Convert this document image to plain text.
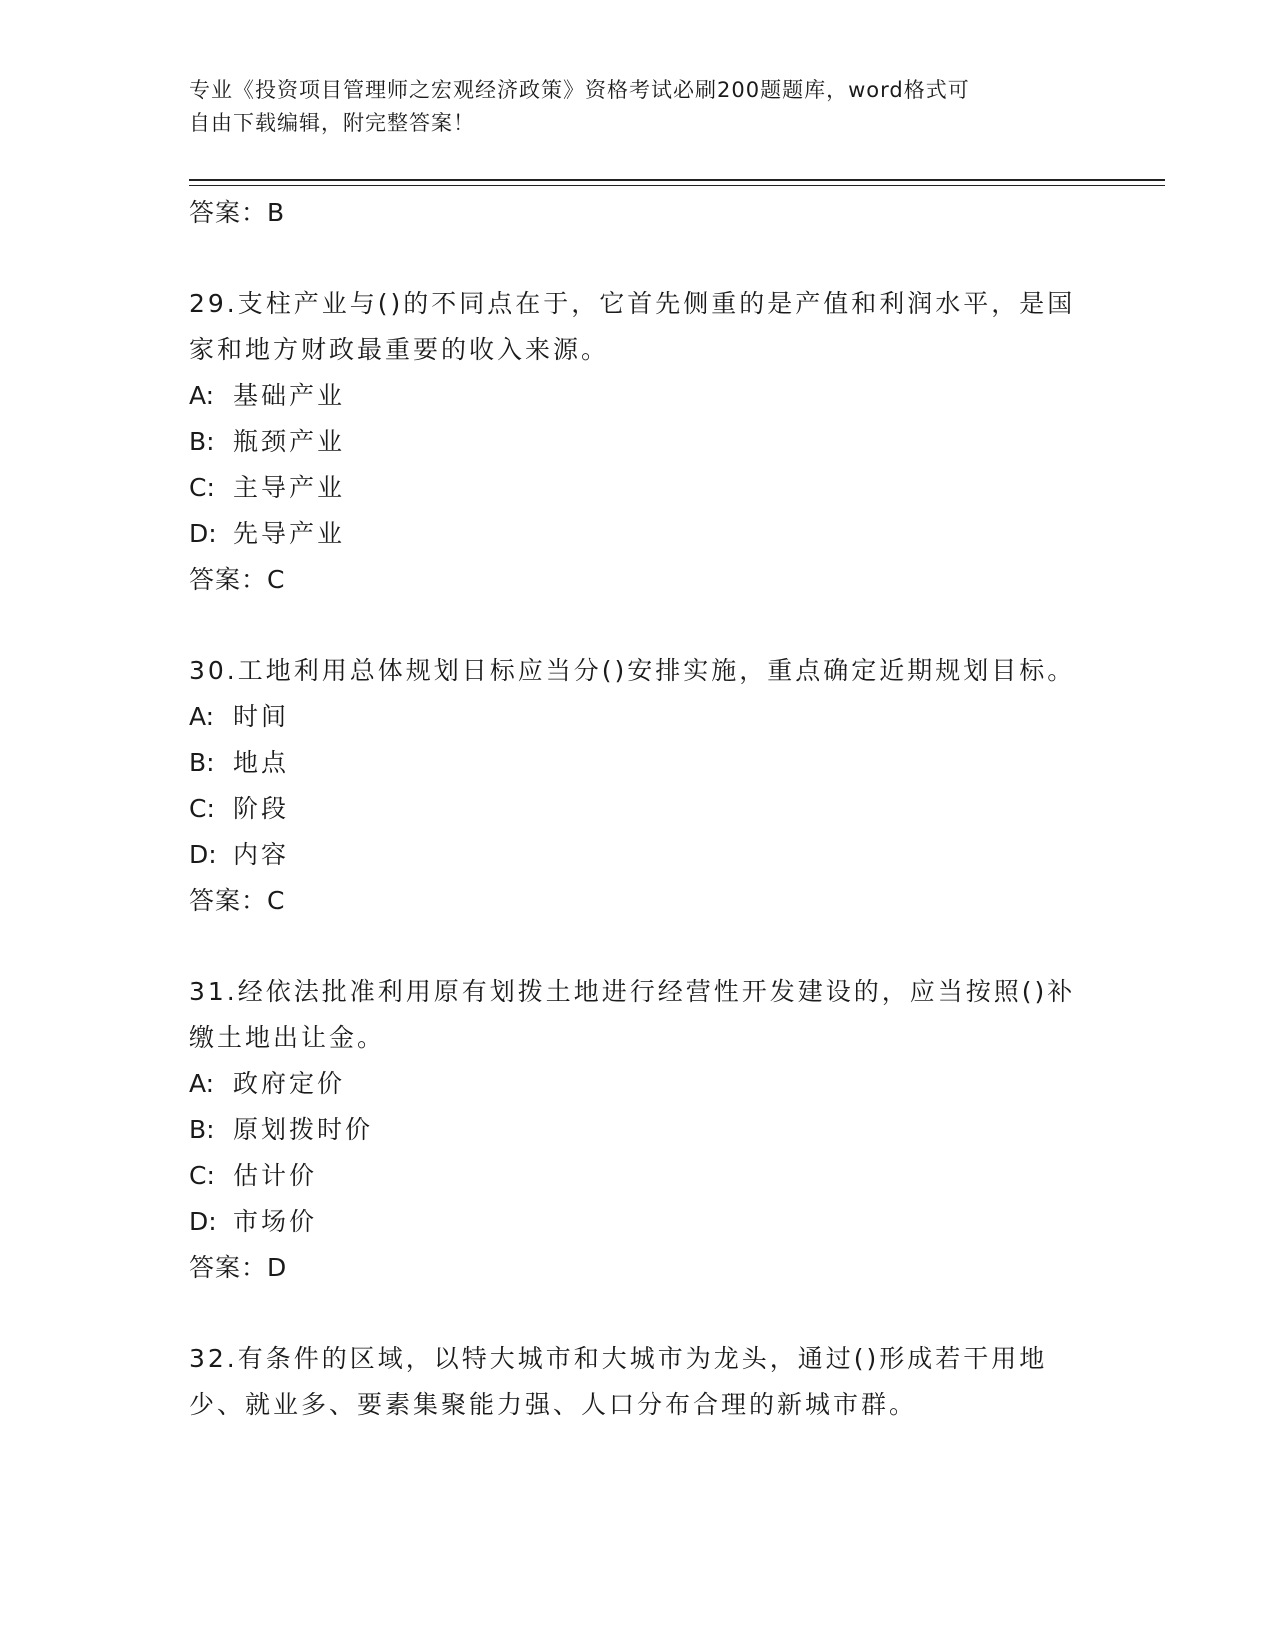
专业《投资项目管理师之宏观经济政策》资格考试必刷200题题库，word格式可
自由下载编辑，附完整答案！
答案：B
29.支柱产业与()的不同点在于，它首先侧重的是产值和利润水平，是国家和地方财政最重要的收入来源。
A: 基础产业
B: 瓶颈产业
C: 主导产业
D: 先导产业
答案：C
30.工地利用总体规划日标应当分()安排实施，重点确定近期规划目标。
A: 时间
B: 地点
C: 阶段
D: 内容
答案：C
31.经依法批准利用原有划拨土地进行经营性开发建设的，应当按照()补缴土地出让金。
A: 政府定价
B: 原划拨时价
C: 估计价
D: 市场价
答案：D
32.有条件的区域，以特大城市和大城市为龙头，通过()形成若干用地少、就业多、要素集聚能力强、人口分布合理的新城市群。
